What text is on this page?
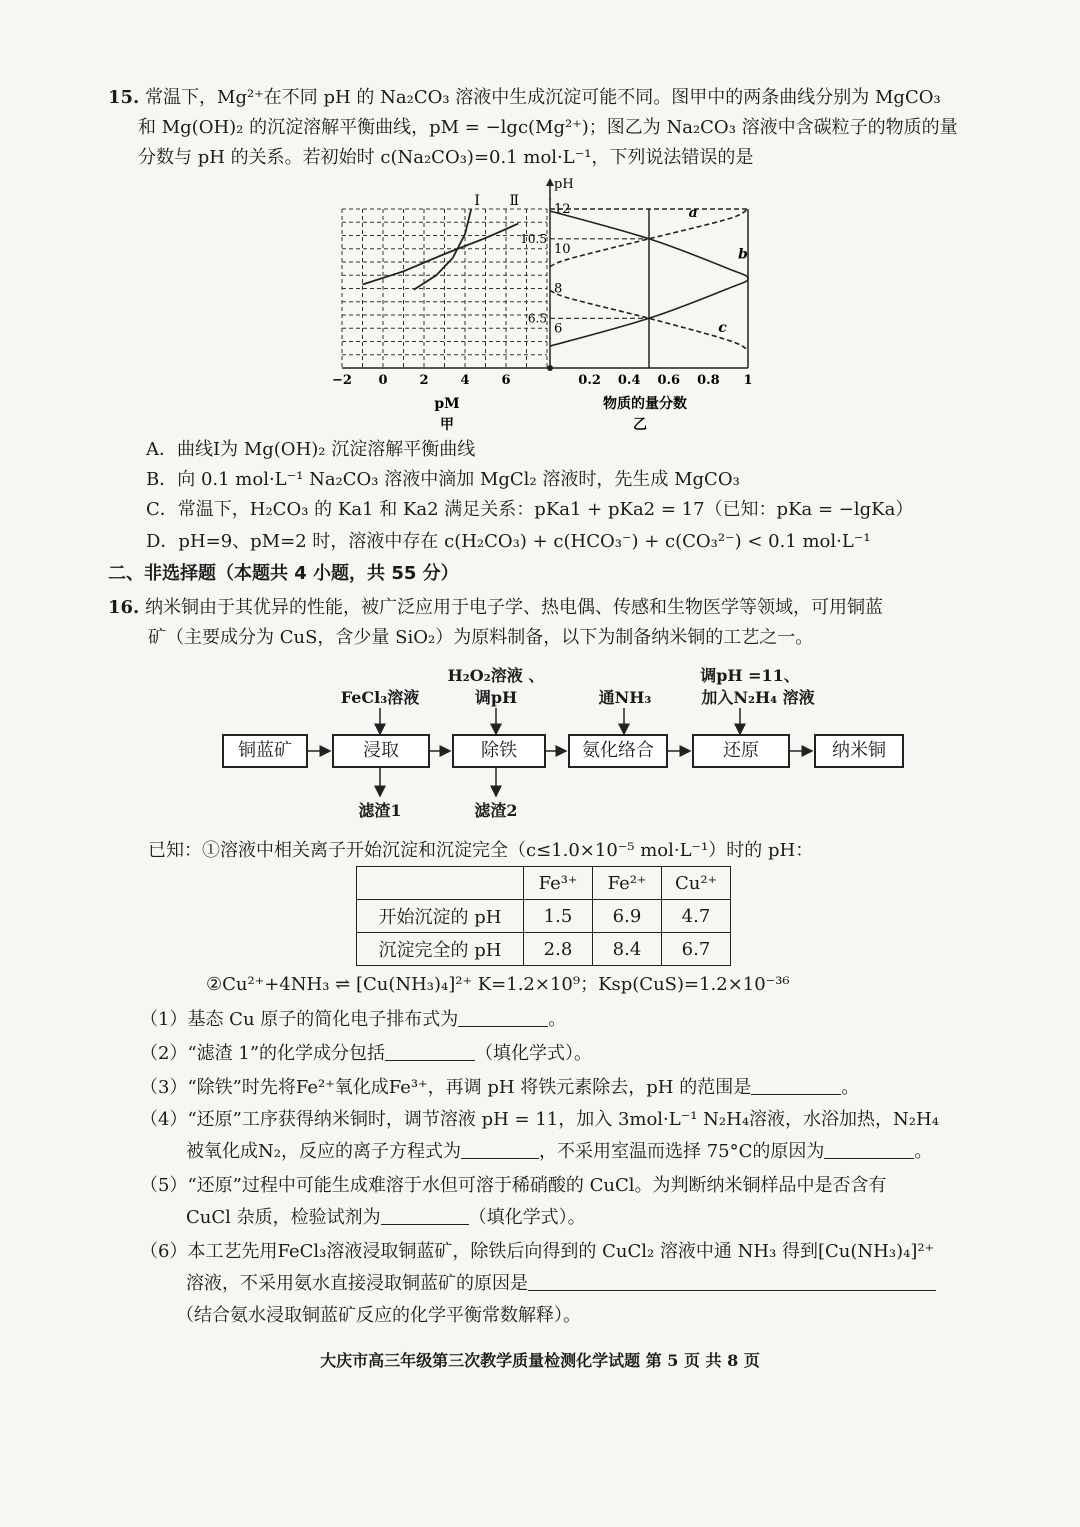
15. 常温下，Mg²⁺在不同 pH 的 Na₂CO₃ 溶液中生成沉淀可能不同。图甲中的两条曲线分别为 MgCO₃
和 Mg(OH)₂ 的沉淀溶解平衡曲线，pM = −lgc(Mg²⁺)；图乙为 Na₂CO₃ 溶液中含碳粒子的物质的量
分数与 pH 的关系。若初始时 c(Na₂CO₃)=0.1 mol·L⁻¹，下列说法错误的是
−2 0 2 4 6
Ⅱ
Ⅰ
12
10
8
6
10.5
6.5
0.2 0.4 0.6 0.8 1
a
b
c
pH
pM
甲
物质的量分数
乙
A．曲线Ⅰ为 Mg(OH)₂ 沉淀溶解平衡曲线
B．向 0.1 mol·L⁻¹ Na₂CO₃ 溶液中滴加 MgCl₂ 溶液时，先生成 MgCO₃
C．常温下，H₂CO₃ 的 Ka1 和 Ka2 满足关系：pKa1 + pKa2 = 17（已知：pKa = −lgKa）
D．pH=9、pM=2 时，溶液中存在 c(H₂CO₃) + c(HCO₃⁻) + c(CO₃²⁻) < 0.1 mol·L⁻¹
二、非选择题（本题共 4 小题，共 55 分）
16. 纳米铜由于其优异的性能，被广泛应用于电子学、热电偶、传感和生物医学等领域，可用铜蓝
矿（主要成分为 CuS，含少量 SiO₂）为原料制备，以下为制备纳米铜的工艺之一。
H₂O₂溶液 、	调pH =11、
FeCl₃溶液	调pH	通NH₃	加入N₂H₄ 溶液
铜蓝矿	浸取	除铁	氨化络合	还原	纳米铜
滤渣1	滤渣2
已知：①溶液中相关离子开始沉淀和沉淀完全（c≤1.0×10⁻⁵ mol·L⁻¹）时的 pH：
	Fe³⁺	Fe²⁺	Cu²⁺
开始沉淀的 pH	1.5	6.9	4.7
沉淀完全的 pH	2.8	8.4	6.7
②Cu²⁺+4NH₃ ⇌ [Cu(NH₃)₄]²⁺ K=1.2×10⁹；Ksp(CuS)=1.2×10⁻³⁶
（1）基态 Cu 原子的简化电子排布式为	。
（2）“滤渣 1”的化学成分包括	（填化学式）。
（3）“除铁”时先将Fe²⁺氧化成Fe³⁺，再调 pH 将铁元素除去，pH 的范围是	。
（4）“还原”工序获得纳米铜时，调节溶液 pH = 11，加入 3mol·L⁻¹ N₂H₄溶液，水浴加热，N₂H₄
被氧化成N₂，反应的离子方程式为	，不采用室温而选择 75°C的原因为	。
（5）“还原”过程中可能生成难溶于水但可溶于稀硝酸的 CuCl。为判断纳米铜样品中是否含有
CuCl 杂质，检验试剂为	（填化学式）。
（6）本工艺先用FeCl₃溶液浸取铜蓝矿，除铁后向得到的 CuCl₂ 溶液中通 NH₃ 得到[Cu(NH₃)₄]²⁺
溶液，不采用氨水直接浸取铜蓝矿的原因是
（结合氨水浸取铜蓝矿反应的化学平衡常数解释）。
大庆市高三年级第三次教学质量检测化学试题 第 5 页 共 8 页
